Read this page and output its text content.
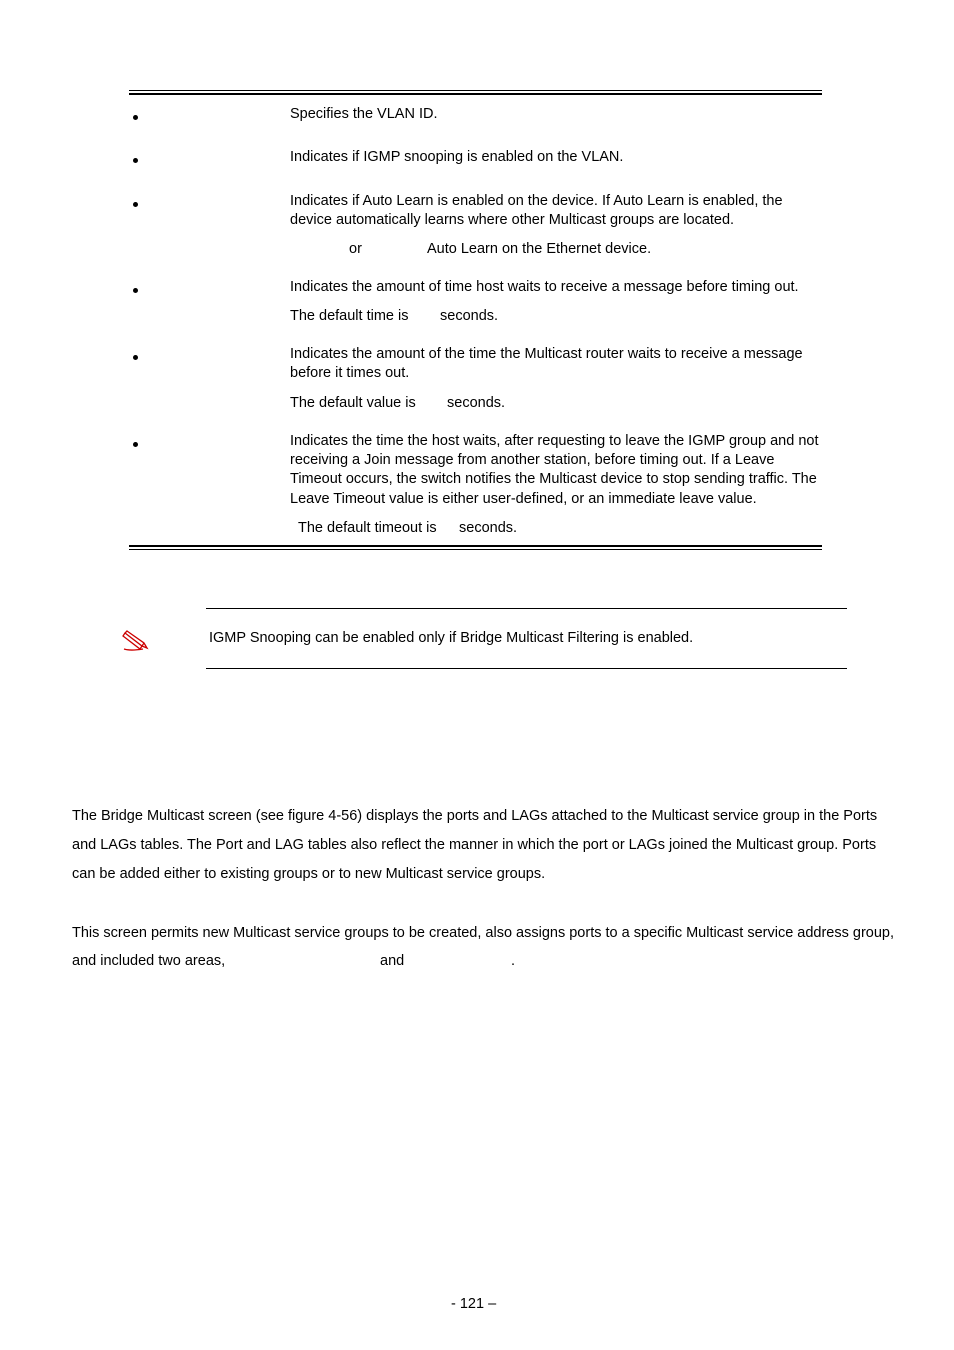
Specifies the VLAN ID.
Indicates if IGMP snooping is enabled on the VLAN.
Indicates if Auto Learn is enabled on the device. If Auto Learn is enabled, the
device automatically learns where other Multicast groups are located.
or	Auto Learn on the Ethernet device.
Indicates the amount of time host waits to receive a message before timing out.
The default time is seconds.
Indicates the amount of the time the Multicast router waits to receive a message
before it times out.
The default value is seconds.
Indicates the time the host waits, after requesting to leave the IGMP group and not
receiving a Join message from another station, before timing out. If a Leave
Timeout occurs, the switch notifies the Multicast device to stop sending traffic. The
Leave Timeout value is either user-defined, or an immediate leave value.
The default timeout is seconds.
IGMP Snooping can be enabled only if Bridge Multicast Filtering is enabled.
The Bridge Multicast screen (see figure 4-56) displays the ports and LAGs attached to the Multicast service group in the Ports and LAGs tables. The Port and LAG tables also reflect the manner in which the port or LAGs joined the Multicast group. Ports can be added either to existing groups or to new Multicast service groups.
This screen permits new Multicast service groups to be created, also assigns ports to a specific Multicast service address group,
and included two areas,	and	.
- 121 –
